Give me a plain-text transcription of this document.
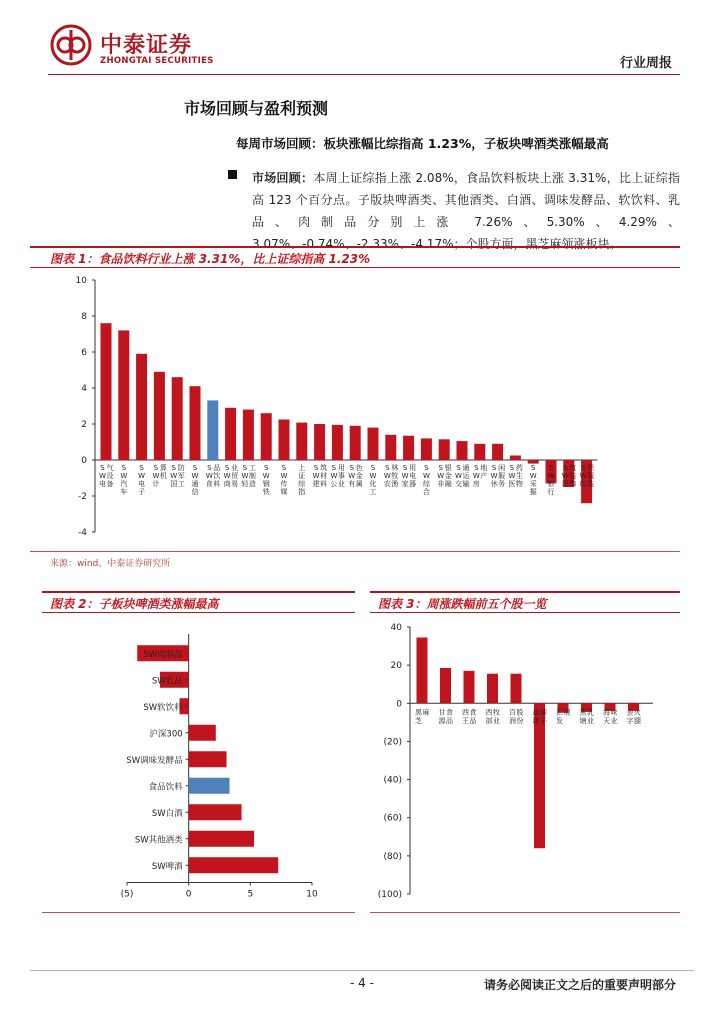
中泰证券
ZHONGTAI SECURITIES	行业周报
市场回顾与盈利预测
每周市场回顾：板块涨幅比综指高 1.23%，子板块啤酒类涨幅最高
市场回顾：本周上证综指上涨 2.08%，食品饮料板块上涨 3.31%，比上证综指高 123 个百分点。子版块啤酒类、其他酒类、白酒、调味发酵品、软饮料、乳品、肉制品分别上涨 7.26%、5.30%、4.29%、3.07%、-0.74%、-2.33%、-4.17%；个股方面，黑芝麻领涨板块。
图表 1：食品饮料行业上涨 3.31%，比上证综指高 1.23%
-4
-2
0
2
4
6
8
10
S
W
电
气
设
备
S
W
汽
车
S
W
电
子
S
W
计
算
机
S
W
国
防
军
工
S
W
通
信
S
W
食
品
饮
料
S
W
商
业
贸
易
S
W
轻
工
制
造
S
W
钢
铁
S
W
传
媒
上
证
综
指
S
W
建
筑
材
料
S
W
公
用
事
业
S
W
有
色
金
属
S
W
化
工
S
W
农
林
牧
渔
S
W
家
用
电
器
S
W
综
合
S
W
非
银
金
融
S
W
交
通
运
输
S
W
房
地
产
S
W
休
闲
服
务
S
W
医
药
生
物
S
W
采
掘
S
W
银
行
S
W
建
筑
装
饰
S
W
纺
织
服
装
来源：wind、中泰证券研究所
图表 2：子板块啤酒类涨幅最高
(5)	0	5	10
SW肉制品
SW乳品
SW软饮料
沪深300
SW调味发酵品
食品饮料
SW白酒
SW其他酒类
SW啤酒
图表 3：周涨跌幅前五个股一览
40
20
0
(20)
(40)
(60)
(80)
(100)
黑
芝
麻 甘
源
食
品
西
王
食
品
西
部
牧
业
百
润
股
份
盐
津
铺
子
汇
发
展 燕
塘
乳
业
海
天
味
业
金
字
火
腿
- 4 -	请务必阅读正文之后的重要声明部分
